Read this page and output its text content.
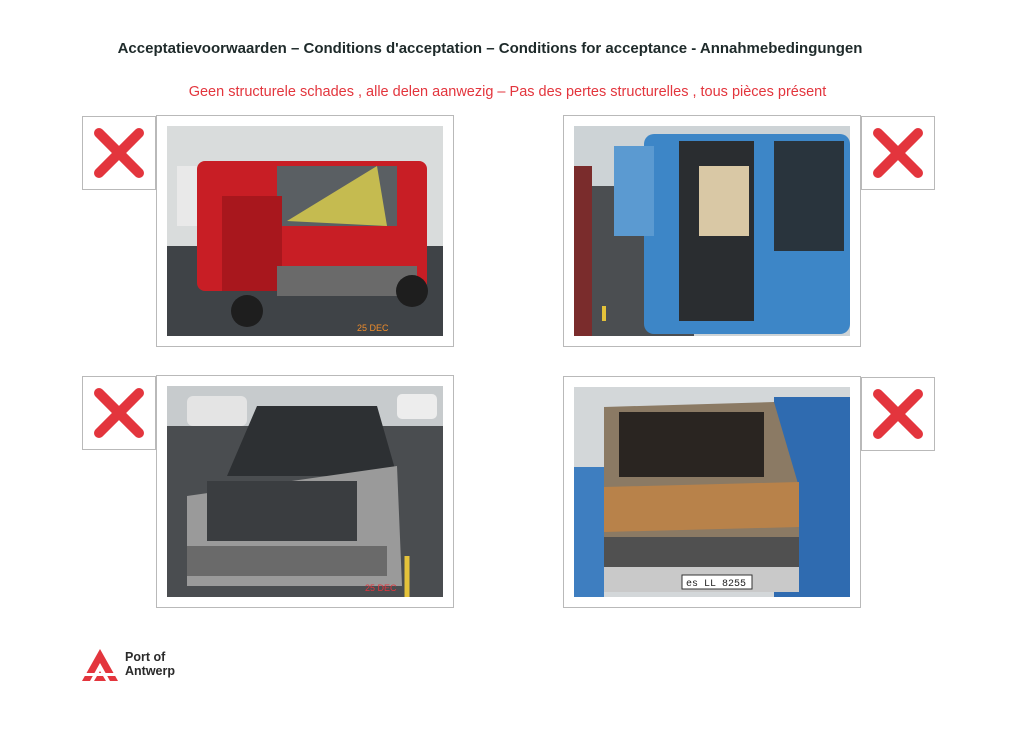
Acceptatievoorwaarden – Conditions d'acceptation – Conditions for acceptance - Annahmebedingungen
Geen structurele schades , alle delen aanwezig – Pas des pertes structurelles , tous pièces présent
25 DEC
25 DEC	es LL 8255
Port of
Antwerp
